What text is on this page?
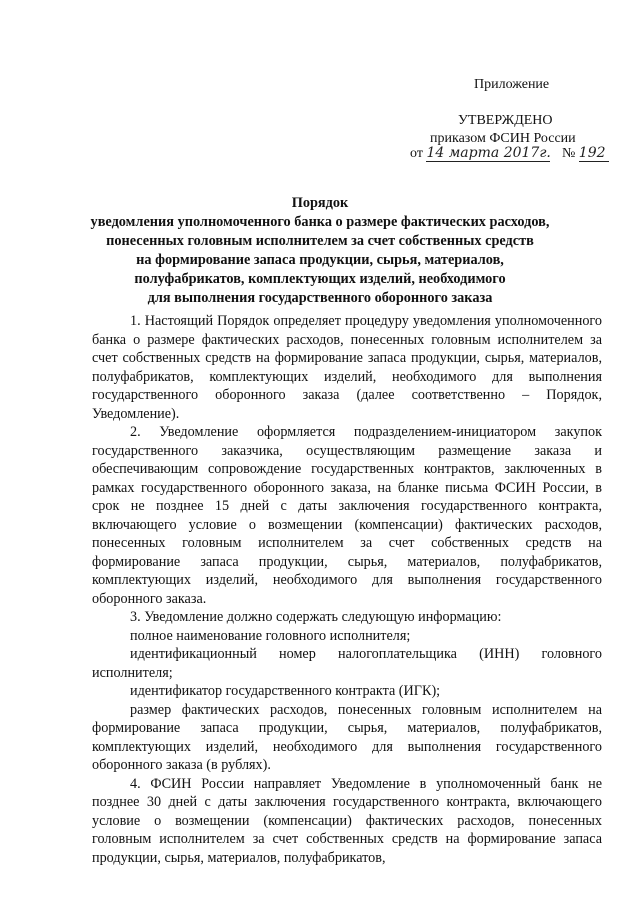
Приложение
УТВЕРЖДЕНО
приказом ФСИН России
от 14 марта 2017г. № 192
Порядок
уведомления уполномоченного банка о размере фактических расходов,
понесенных головным исполнителем за счет собственных средств
на формирование запаса продукции, сырья, материалов,
полуфабрикатов, комплектующих изделий, необходимого
для выполнения государственного оборонного заказа

1. Настоящий Порядок определяет процедуру уведомления уполномоченного банка о размере фактических расходов, понесенных головным исполнителем за счет собственных средств на формирование запаса продукции, сырья, материалов, полуфабрикатов, комплектующих изделий, необходимого для выполнения государственного оборонного заказа (далее соответственно – Порядок, Уведомление).

2. Уведомление оформляется подразделением-инициатором закупок государственного заказчика, осуществляющим размещение заказа и обеспечивающим сопровождение государственных контрактов, заключенных в рамках государственного оборонного заказа, на бланке письма ФСИН России, в срок не позднее 15 дней с даты заключения государственного контракта, включающего условие о возмещении (компенсации) фактических расходов, понесенных головным исполнителем за счет собственных средств на формирование запаса продукции, сырья, материалов, полуфабрикатов, комплектующих изделий, необходимого для выполнения государственного оборонного заказа.

3. Уведомление должно содержать следующую информацию:

полное наименование головного исполнителя;

идентификационный номер налогоплательщика (ИНН) головного исполнителя;

идентификатор государственного контракта (ИГК);

размер фактических расходов, понесенных головным исполнителем на формирование запаса продукции, сырья, материалов, полуфабрикатов, комплектующих изделий, необходимого для выполнения государственного оборонного заказа (в рублях).

4. ФСИН России направляет Уведомление в уполномоченный банк не позднее 30 дней с даты заключения государственного контракта, включающего условие о возмещении (компенсации) фактических расходов, понесенных головным исполнителем за счет собственных средств на формирование запаса продукции, сырья, материалов, полуфабрикатов,
